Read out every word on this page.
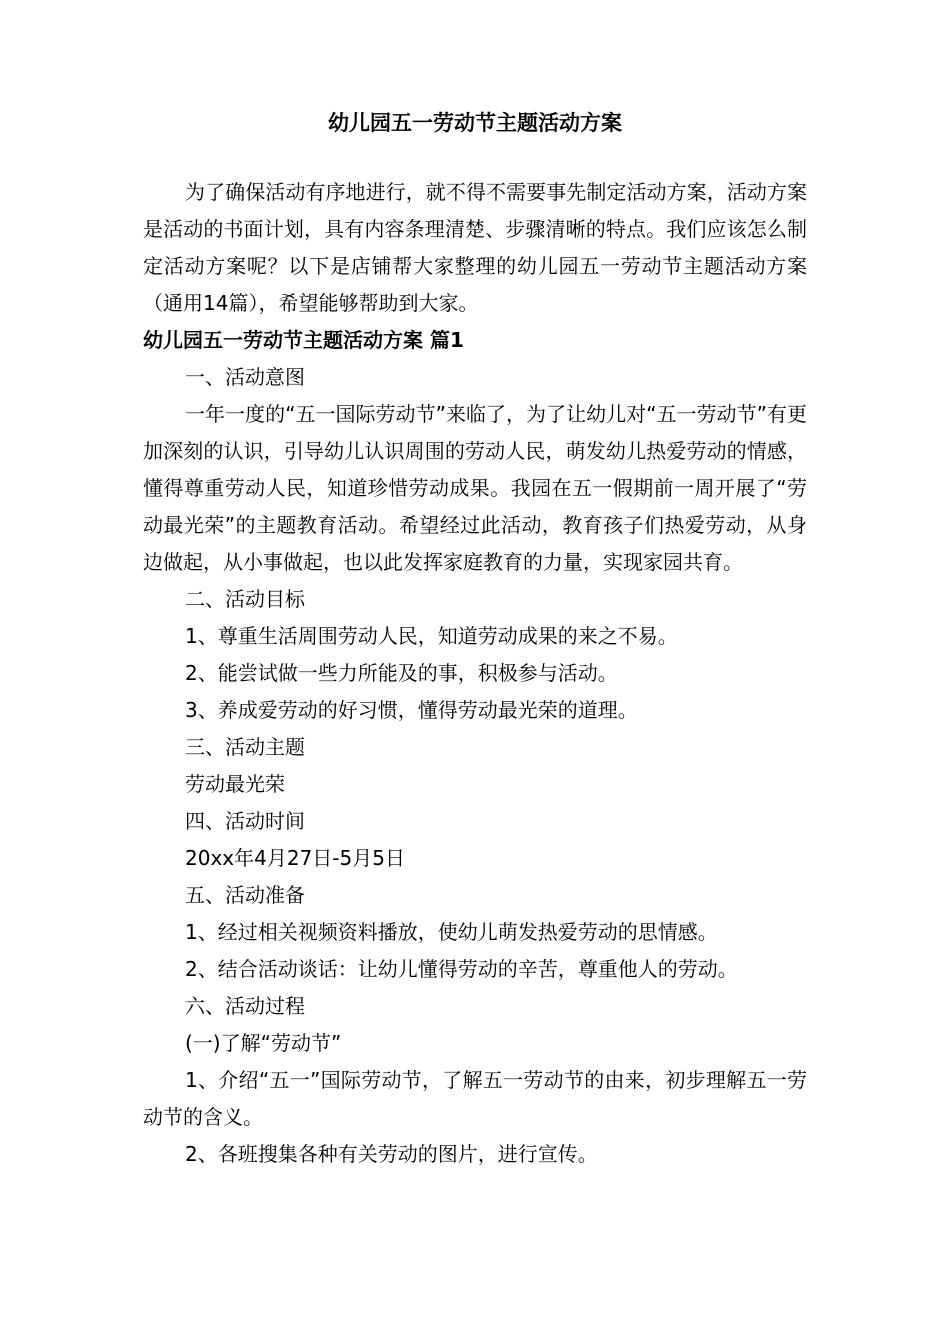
幼儿园五一劳动节主题活动方案

为了确保活动有序地进行，就不得不需要事先制定活动方案，活动方案是活动的书面计划，具有内容条理清楚、步骤清晰的特点。我们应该怎么制定活动方案呢？以下是店铺帮大家整理的幼儿园五一劳动节主题活动方案（通用14篇），希望能够帮助到大家。

幼儿园五一劳动节主题活动方案 篇1

一、活动意图

一年一度的“五一国际劳动节”来临了，为了让幼儿对“五一劳动节”有更加深刻的认识，引导幼儿认识周围的劳动人民，萌发幼儿热爱劳动的情感，懂得尊重劳动人民，知道珍惜劳动成果。我园在五一假期前一周开展了“劳动最光荣”的主题教育活动。希望经过此活动，教育孩子们热爱劳动，从身边做起，从小事做起，也以此发挥家庭教育的力量，实现家园共育。

二、活动目标

1、尊重生活周围劳动人民，知道劳动成果的来之不易。

2、能尝试做一些力所能及的事，积极参与活动。

3、养成爱劳动的好习惯，懂得劳动最光荣的道理。

三、活动主题

劳动最光荣

四、活动时间

20xx年4月27日-5月5日

五、活动准备

1、经过相关视频资料播放，使幼儿萌发热爱劳动的思情感。

2、结合活动谈话：让幼儿懂得劳动的辛苦，尊重他人的劳动。

六、活动过程

(一)了解“劳动节”

1、介绍“五一”国际劳动节，了解五一劳动节的由来，初步理解五一劳动节的含义。

2、各班搜集各种有关劳动的图片，进行宣传。
